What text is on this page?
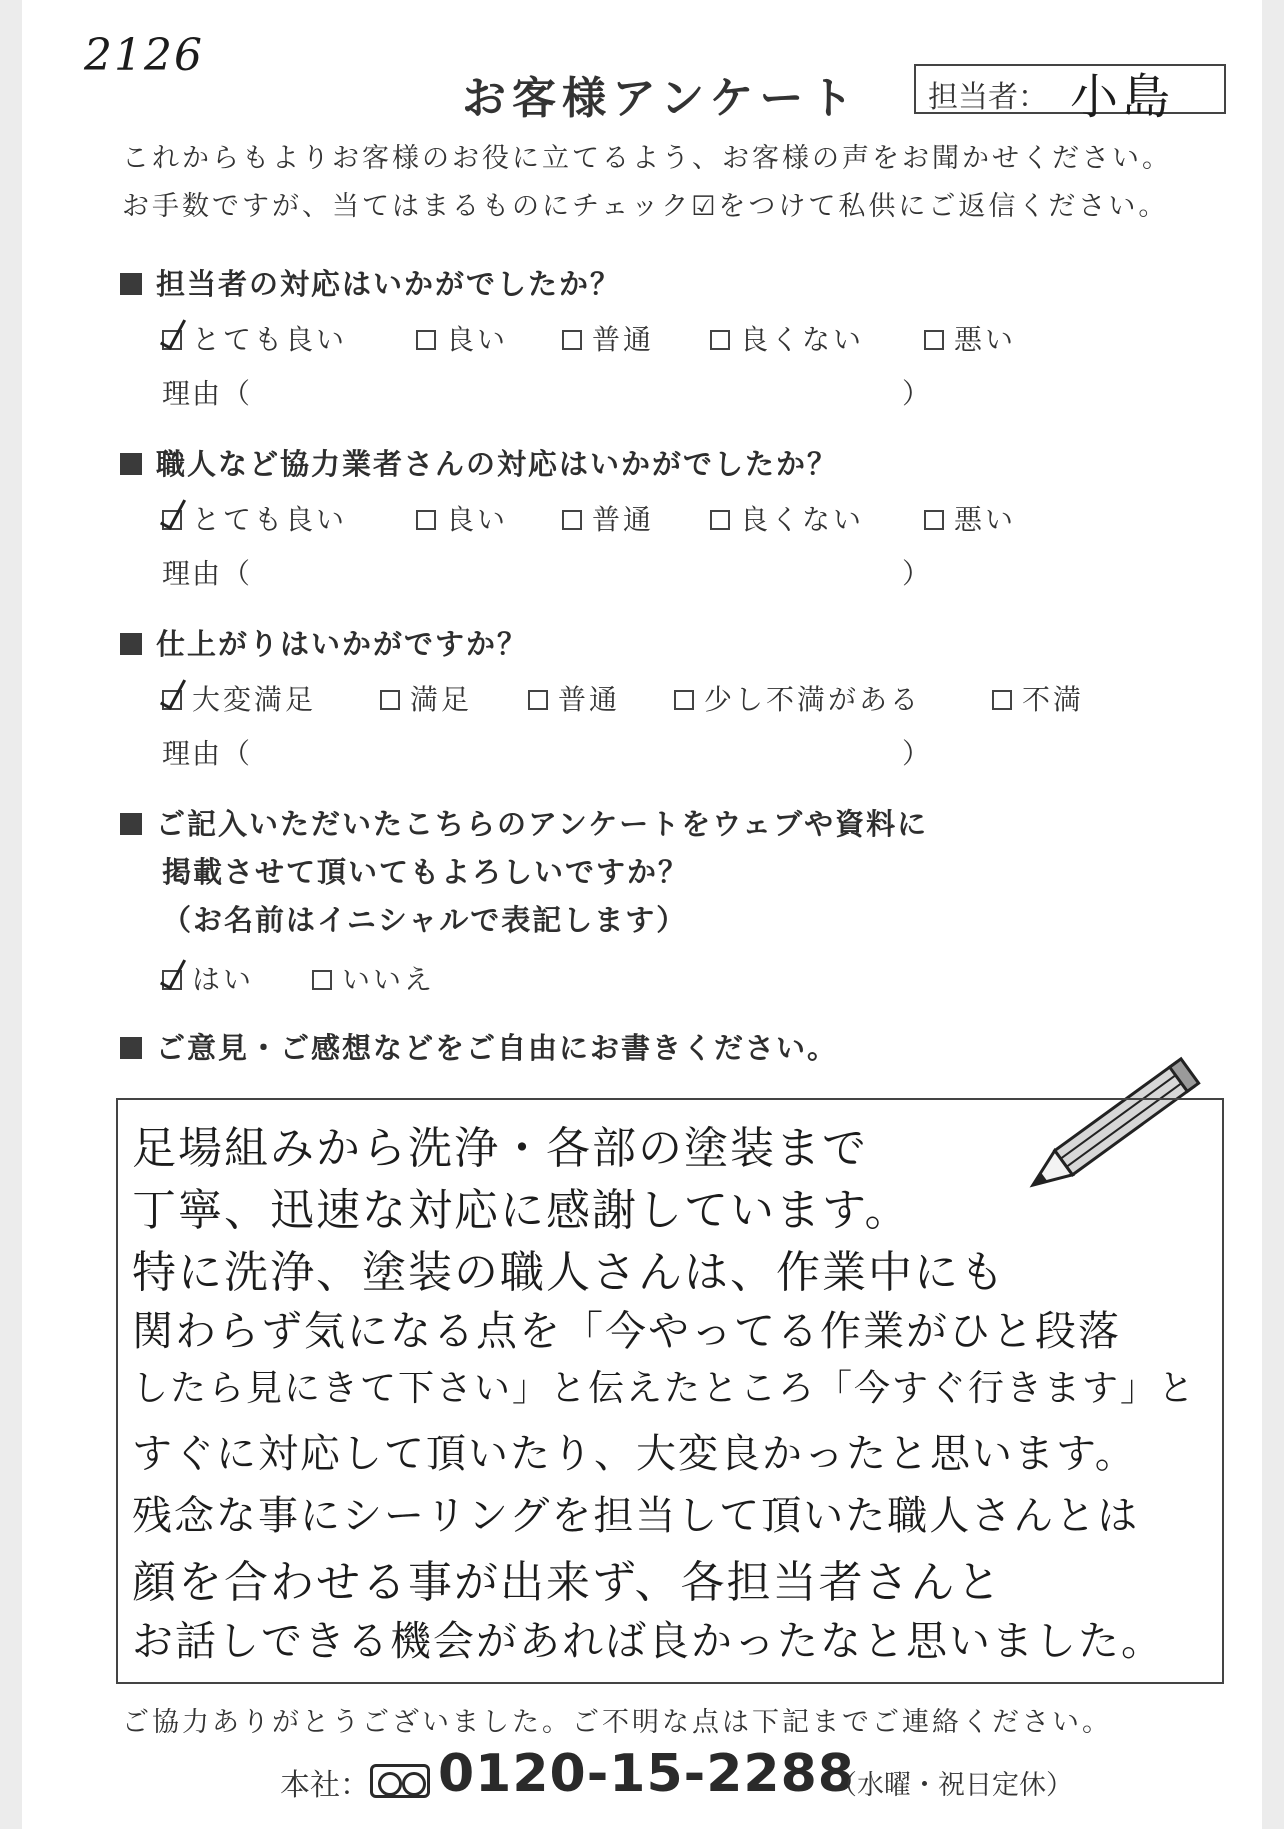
2126
お客様アンケート 担当者： 小島
これからもよりお客様のお役に立てるよう、お客様の声をお聞かせください。
お手数ですが、当てはまるものにチェック☑をつけて私供にご返信ください。
担当者の対応はいかがでしたか？
とても良い	良い	普通	良くない	悪い
理由（	）
職人など協力業者さんの対応はいかがでしたか？
とても良い	良い	普通	良くない	悪い
理由（	）
仕上がりはいかがですか？
大変満足	満足	普通	少し不満がある	不満
理由（	）
ご記入いただいたこちらのアンケートをウェブや資料に
掲載させて頂いてもよろしいですか？
（お名前はイニシャルで表記します）
はい	いいえ
ご意見・ご感想などをご自由にお書きください。
足場組みから洗浄・各部の塗装まで
丁寧、迅速な対応に感謝しています。
特に洗浄、塗装の職人さんは、作業中にも
関わらず気になる点を「今やってる作業がひと段落
したら見にきて下さい」と伝えたところ「今すぐ行きます」と
すぐに対応して頂いたり、大変良かったと思います。
残念な事にシーリングを担当して頂いた職人さんとは
顔を合わせる事が出来ず、各担当者さんと
お話しできる機会があれば良かったなと思いました。
ご協力ありがとうございました。ご不明な点は下記までご連絡ください。
本社： 0120-15-2288
（水曜・祝日定休）
